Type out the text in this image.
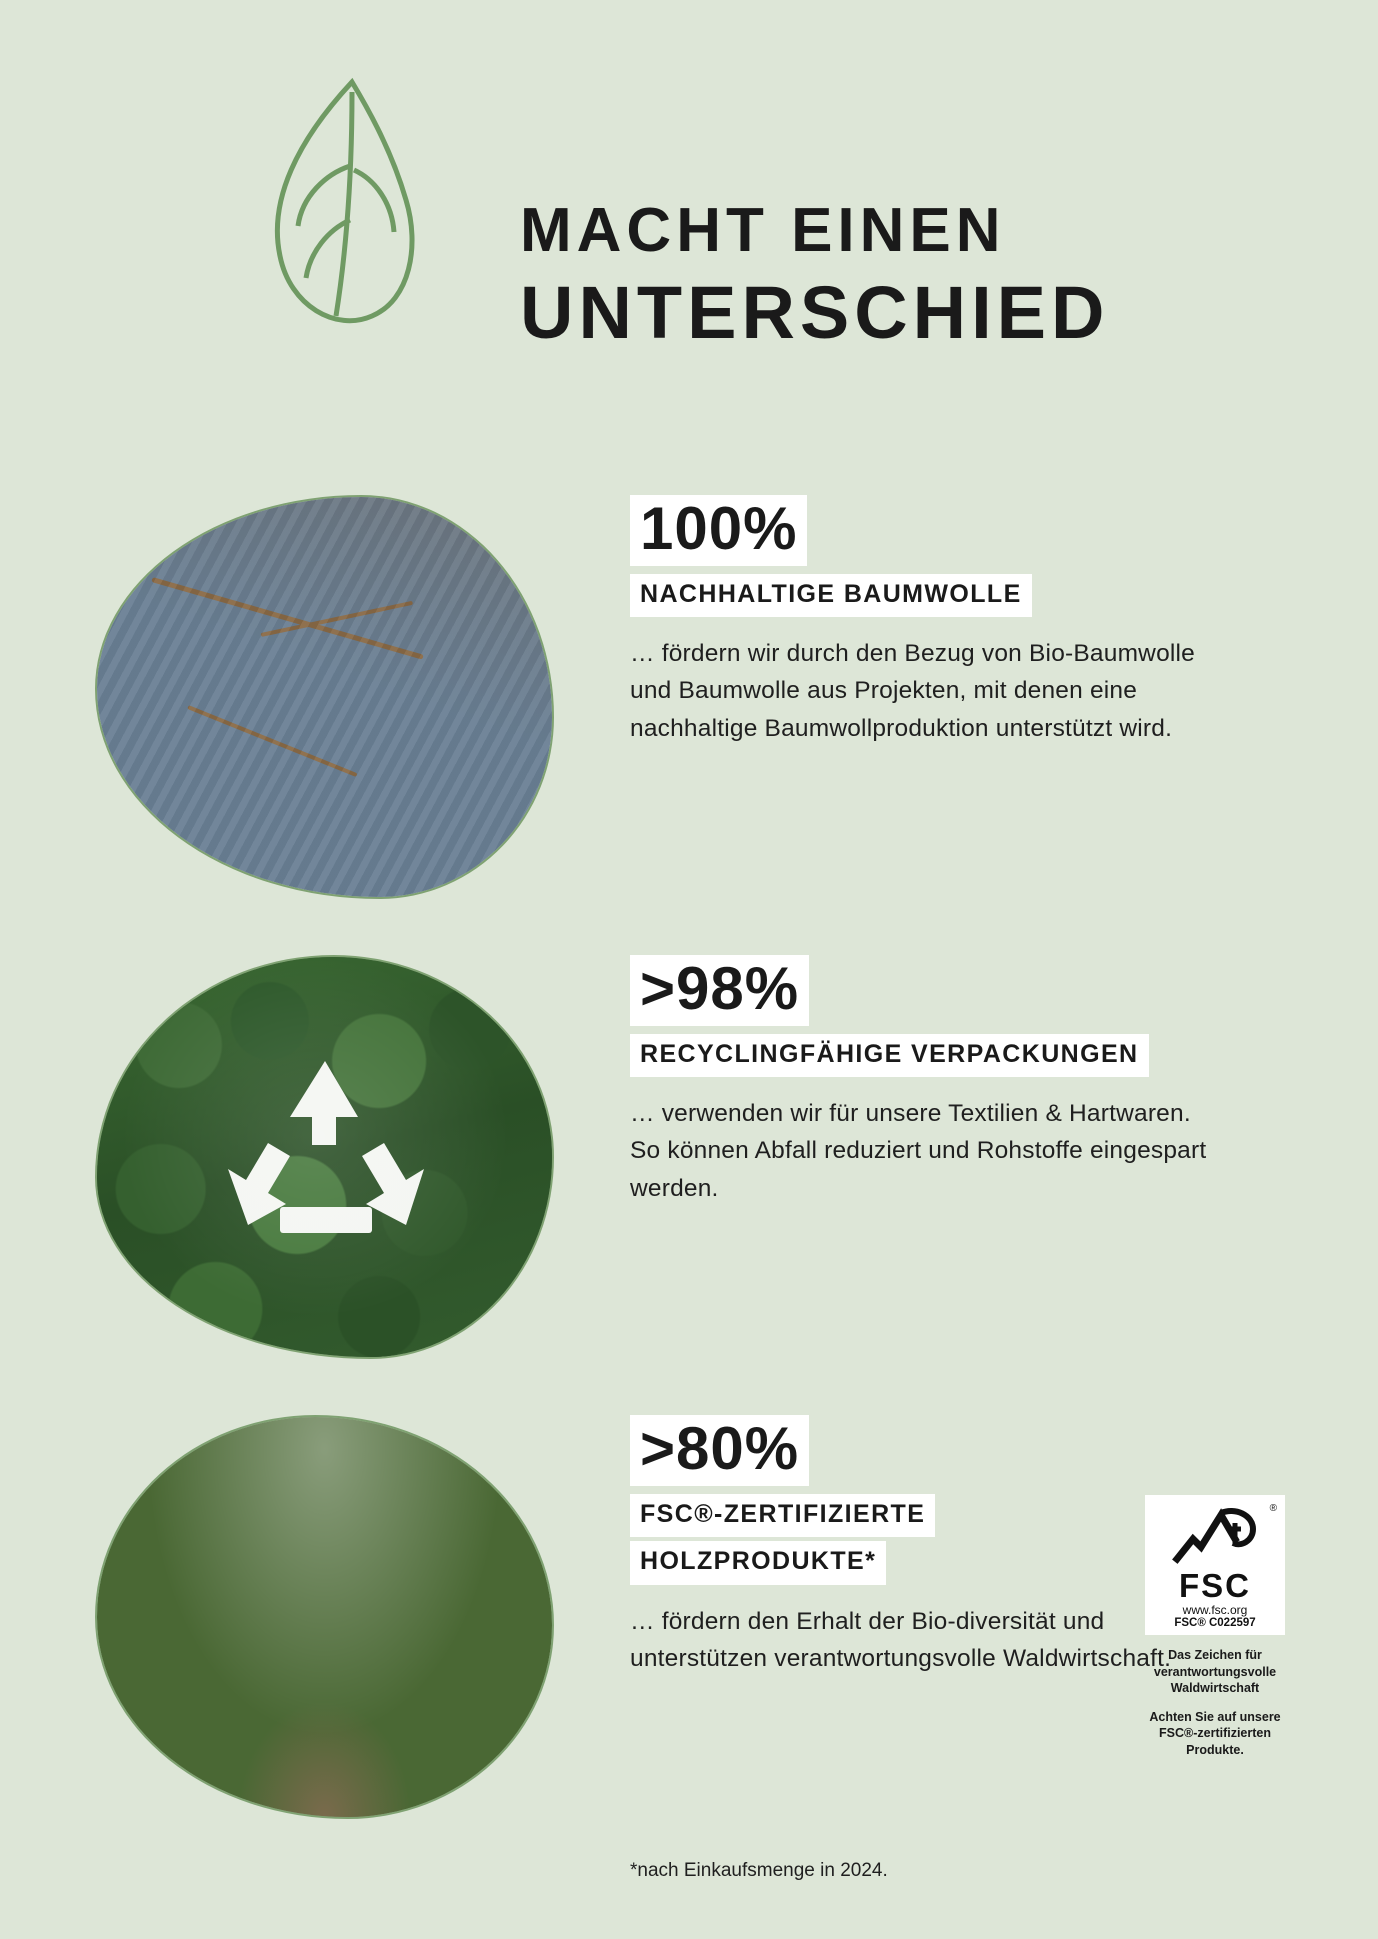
MACHT EINEN
UNTERSCHIED
100%
NACHHALTIGE BAUMWOLLE

… fördern wir durch den Bezug von Bio-Baumwolle und Baumwolle aus Projekten, mit denen eine nachhaltige Baumwollproduktion unterstützt wird.

>98%
RECYCLINGFÄHIGE VERPACKUNGEN

… verwenden wir für unsere Textilien & Hartwaren. So können Abfall reduziert und Rohstoffe eingespart werden.

>80%
FSC®-ZERTIFIZIERTE
HOLZPRODUKTE*

… fördern den Erhalt der Bio-diversität und unterstützen verantwortungsvolle Waldwirtschaft.

®
FSC
www.fsc.org
FSC® C022597
Das Zeichen für
verantwortungsvolle
Waldwirtschaft
Achten Sie auf unsere
FSC®-zertifizierten
Produkte.
*nach Einkaufsmenge in 2024.
